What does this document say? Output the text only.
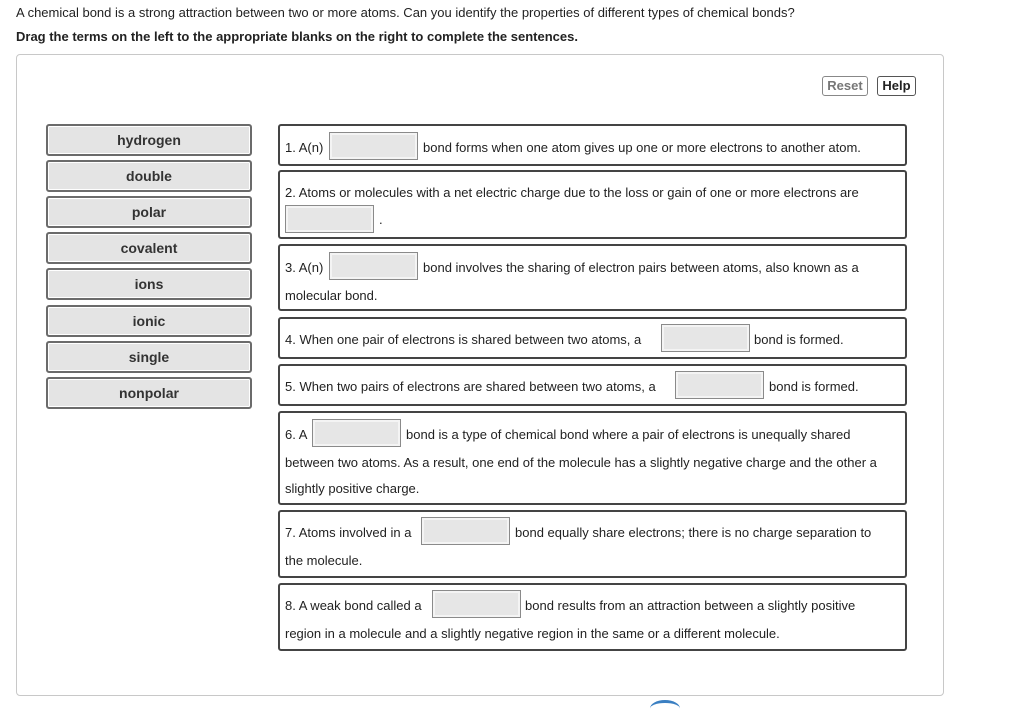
A chemical bond is a strong attraction between two or more atoms. Can you identify the properties of different types of chemical bonds?
Drag the terms on the left to the appropriate blanks on the right to complete the sentences.
Reset	Help
hydrogen
double
polar
covalent
ions
ionic
single
nonpolar
1. A(n)	bond forms when one atom gives up one or more electrons to another atom.
2. Atoms or molecules with a net electric charge due to the loss or gain of one or more electrons are
.
3. A(n)	bond involves the sharing of electron pairs between atoms, also known as a
molecular bond.
4. When one pair of electrons is shared between two atoms, a	bond is formed.
5. When two pairs of electrons are shared between two atoms, a	bond is formed.
6. A	bond is a type of chemical bond where a pair of electrons is unequally shared
between two atoms. As a result, one end of the molecule has a slightly negative charge and the other a
slightly positive charge.
7. Atoms involved in a	bond equally share electrons; there is no charge separation to
the molecule.
8. A weak bond called a	bond results from an attraction between a slightly positive
region in a molecule and a slightly negative region in the same or a different molecule.
